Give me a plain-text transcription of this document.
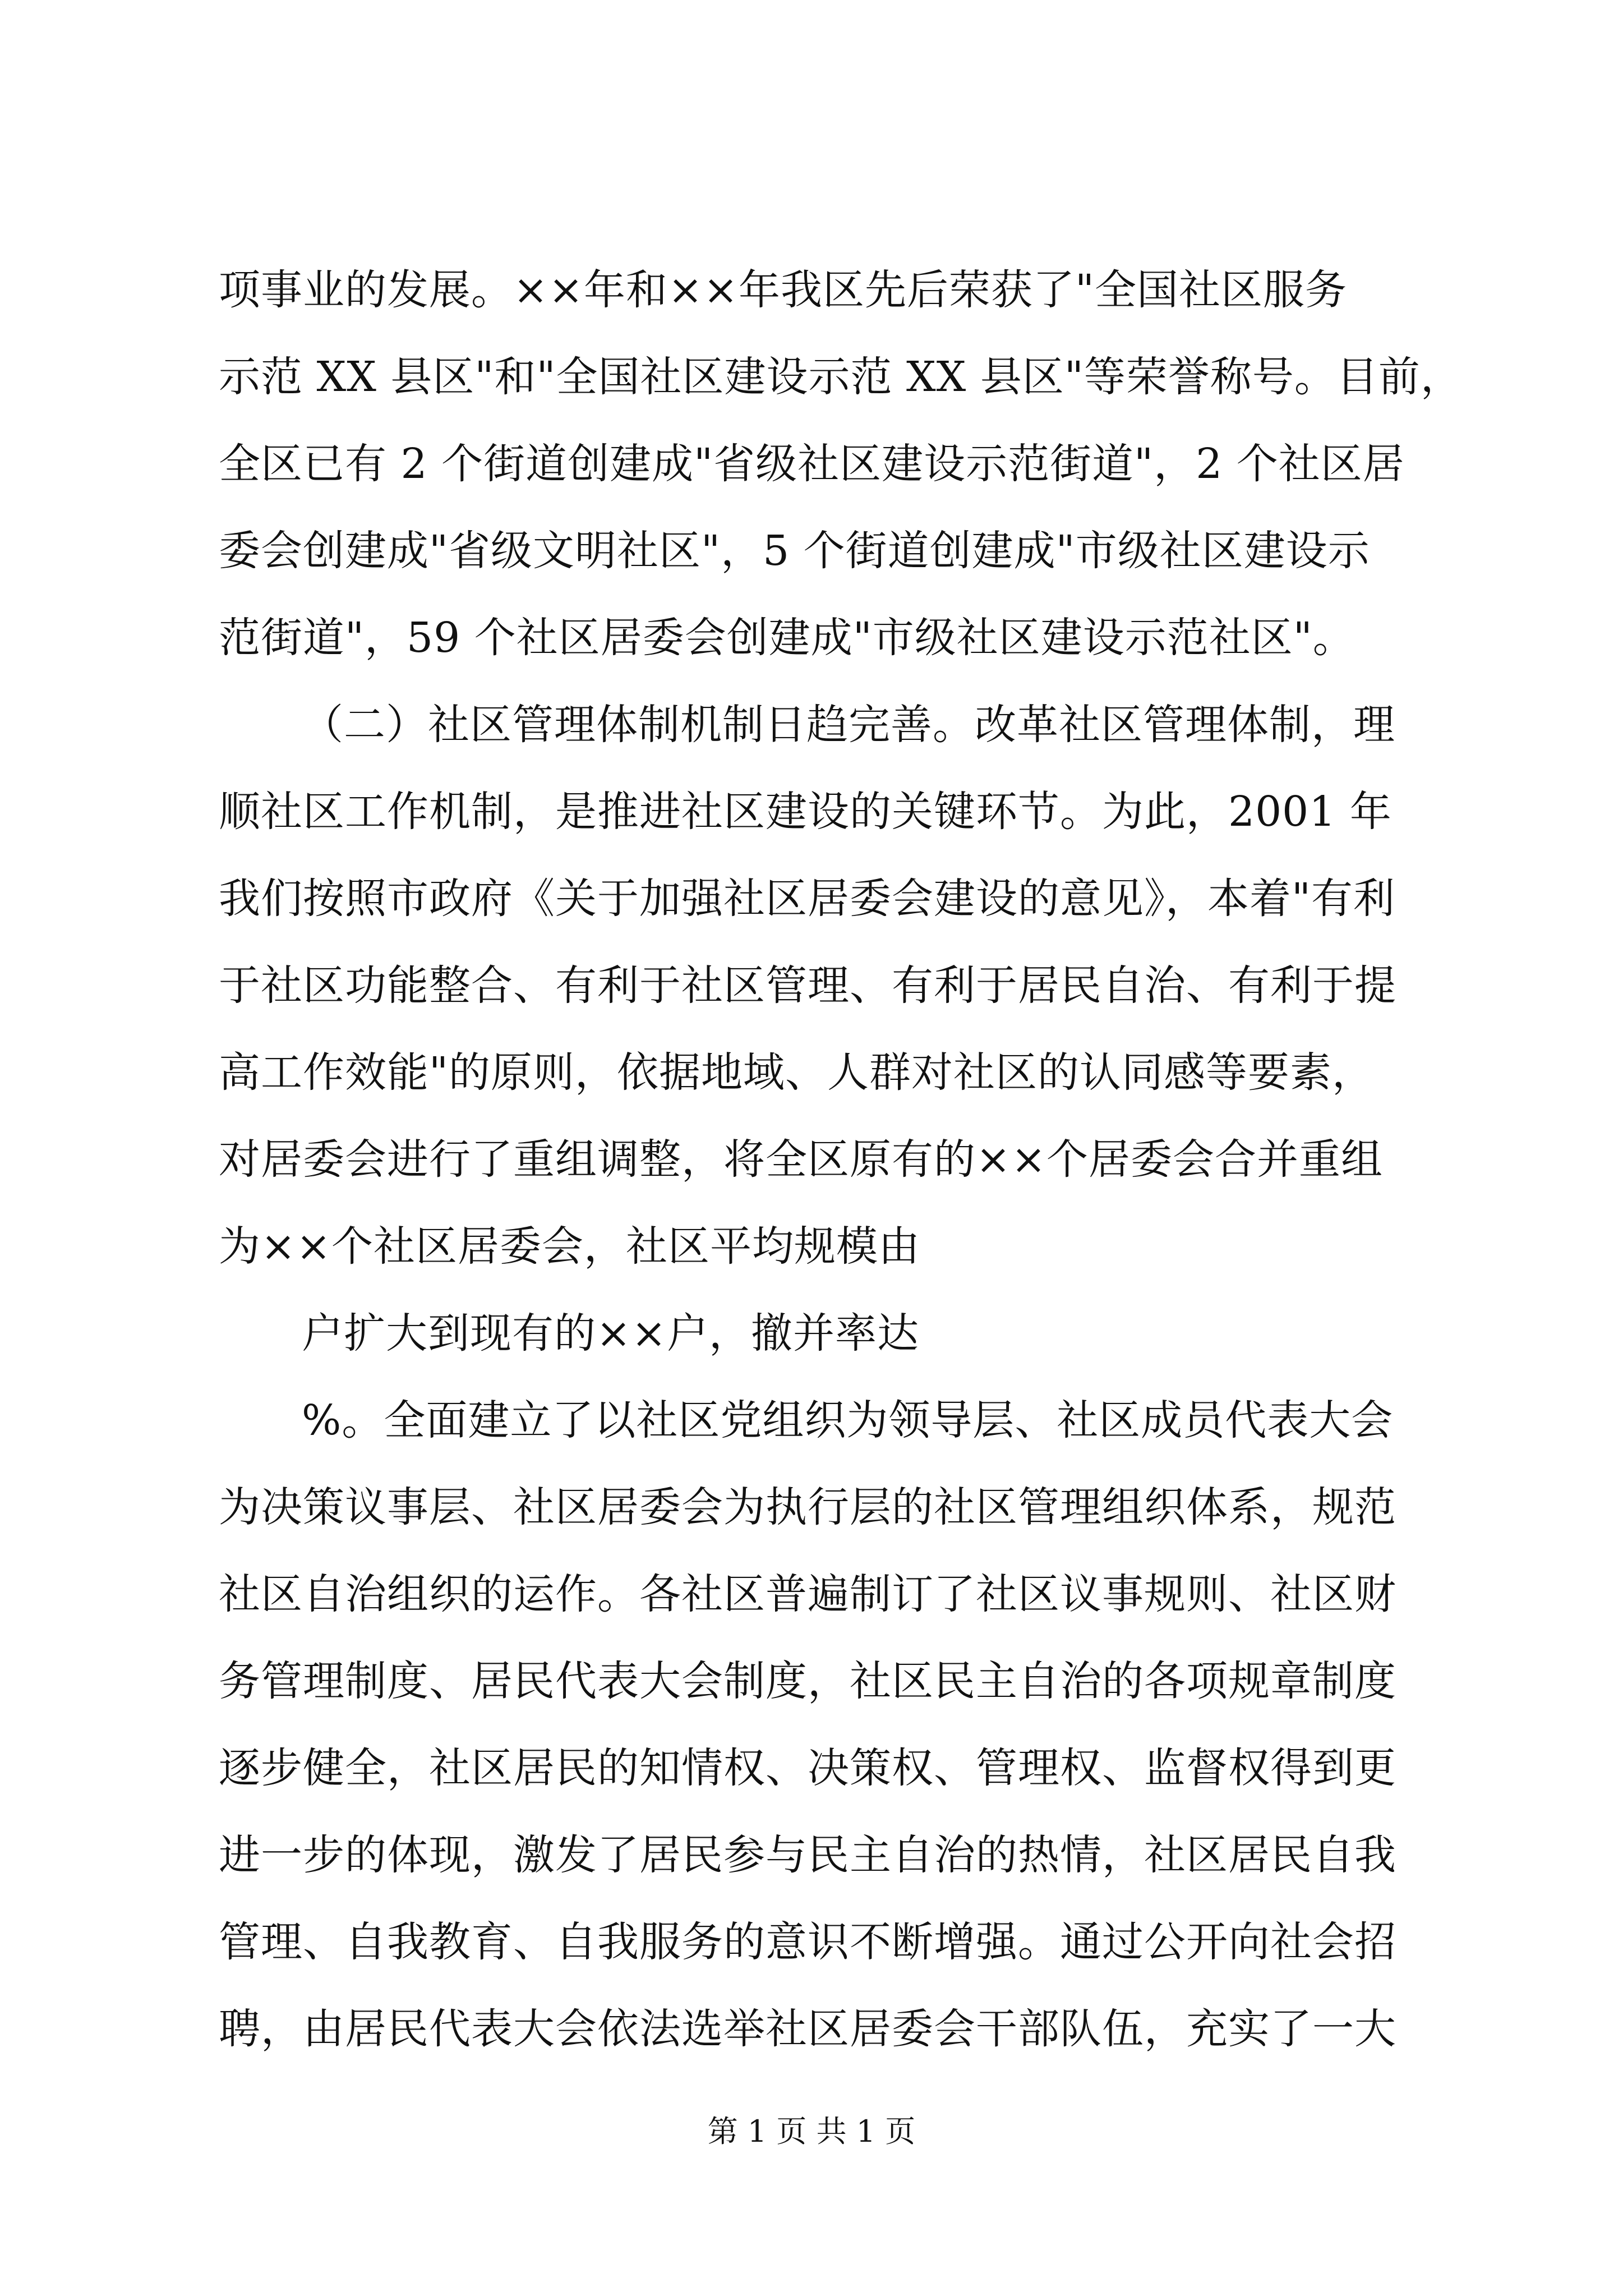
项事业的发展。××年和××年我区先后荣获了"全国社区服务
示范 XX 县区"和"全国社区建设示范 XX 县区"等荣誉称号。目前，
全区已有 2 个街道创建成"省级社区建设示范街道"，2 个社区居
委会创建成"省级文明社区"，5 个街道创建成"市级社区建设示
范街道"，59 个社区居委会创建成"市级社区建设示范社区"。
（二）社区管理体制机制日趋完善。改革社区管理体制，理
顺社区工作机制，是推进社区建设的关键环节。为此，2001 年
我们按照市政府《关于加强社区居委会建设的意见》，本着"有利
于社区功能整合、有利于社区管理、有利于居民自治、有利于提
高工作效能"的原则，依据地域、人群对社区的认同感等要素，
对居委会进行了重组调整，将全区原有的××个居委会合并重组
为××个社区居委会，社区平均规模由
户扩大到现有的××户，撤并率达
%。全面建立了以社区党组织为领导层、社区成员代表大会
为决策议事层、社区居委会为执行层的社区管理组织体系，规范
社区自治组织的运作。各社区普遍制订了社区议事规则、社区财
务管理制度、居民代表大会制度，社区民主自治的各项规章制度
逐步健全，社区居民的知情权、决策权、管理权、监督权得到更
进一步的体现，激发了居民参与民主自治的热情，社区居民自我
管理、自我教育、自我服务的意识不断增强。通过公开向社会招
聘，由居民代表大会依法选举社区居委会干部队伍，充实了一大
第 1 页 共 1 页
